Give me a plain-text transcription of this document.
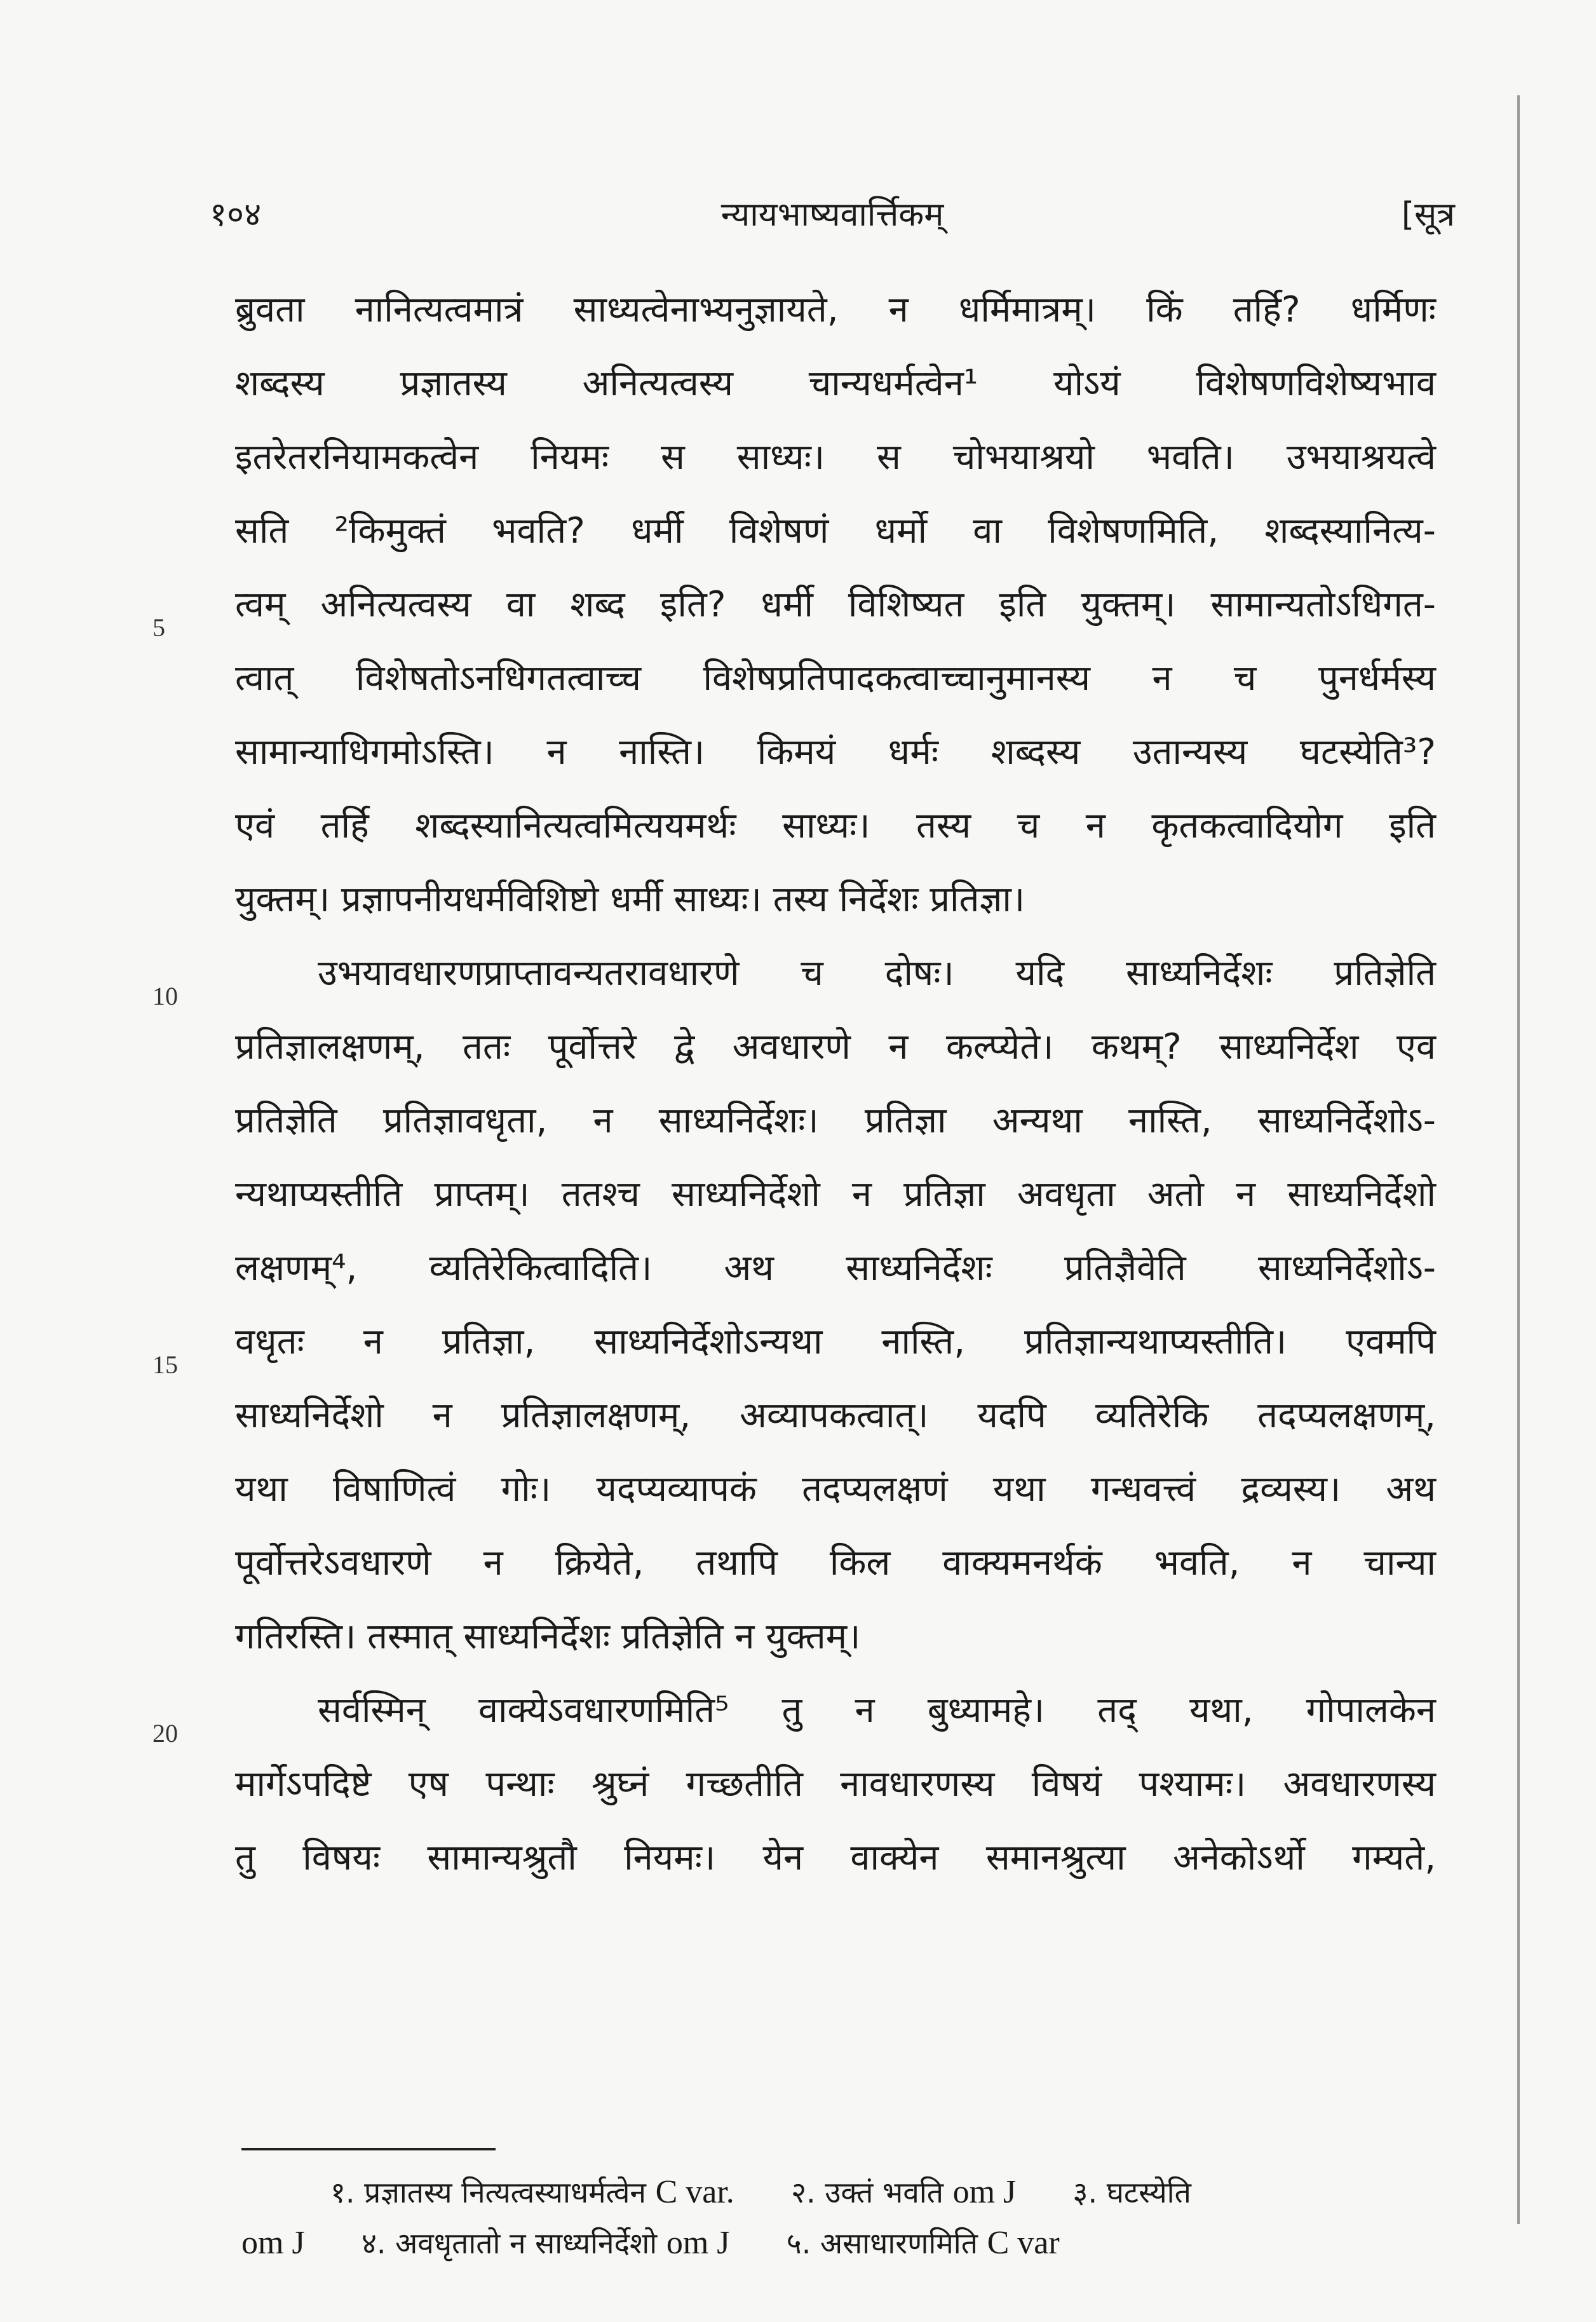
१०४	न्यायभाष्यवार्त्तिकम्	[सूत्र
5
10
15
20
ब्रुवता नानित्यत्वमात्रं साध्यत्वेनाभ्यनुज्ञायते, न धर्मिमात्रम्। किं तर्हि? धर्मिणः
शब्दस्य प्रज्ञातस्य अनित्यत्वस्य चान्यधर्मत्वेन¹ योऽयं विशेषणविशेष्यभाव
इतरेतरनियामकत्वेन नियमः स साध्यः। स चोभयाश्रयो भवति। उभयाश्रयत्वे
सति ²किमुक्तं भवति? धर्मी विशेषणं धर्मो वा विशेषणमिति, शब्दस्यानित्य-
त्वम् अनित्यत्वस्य वा शब्द इति? धर्मी विशिष्यत इति युक्तम्। सामान्यतोऽधिगत-
त्वात् विशेषतोऽनधिगतत्वाच्च विशेषप्रतिपादकत्वाच्चानुमानस्य न च पुनर्धर्मस्य
सामान्याधिगमोऽस्ति। न नास्ति। किमयं धर्मः शब्दस्य उतान्यस्य घटस्येति³?
एवं तर्हि शब्दस्यानित्यत्वमित्ययमर्थः साध्यः। तस्य च न कृतकत्वादियोग इति
युक्तम्। प्रज्ञापनीयधर्मविशिष्टो धर्मी साध्यः। तस्य निर्देशः प्रतिज्ञा।
उभयावधारणप्राप्तावन्यतरावधारणे च दोषः। यदि साध्यनिर्देशः प्रतिज्ञेति
प्रतिज्ञालक्षणम्, ततः पूर्वोत्तरे द्वे अवधारणे न कल्प्येते। कथम्? साध्यनिर्देश एव
प्रतिज्ञेति प्रतिज्ञावधृता, न साध्यनिर्देशः। प्रतिज्ञा अन्यथा नास्ति, साध्यनिर्देशोऽ-
न्यथाप्यस्तीति प्राप्तम्। ततश्च साध्यनिर्देशो न प्रतिज्ञा अवधृता अतो न साध्यनिर्देशो
लक्षणम्⁴, व्यतिरेकित्वादिति। अथ साध्यनिर्देशः प्रतिज्ञैवेति साध्यनिर्देशोऽ-
वधृतः न प्रतिज्ञा, साध्यनिर्देशोऽन्यथा नास्ति, प्रतिज्ञान्यथाप्यस्तीति। एवमपि
साध्यनिर्देशो न प्रतिज्ञालक्षणम्, अव्यापकत्वात्। यदपि व्यतिरेकि तदप्यलक्षणम्,
यथा विषाणित्वं गोः। यदप्यव्यापकं तदप्यलक्षणं यथा गन्धवत्त्वं द्रव्यस्य। अथ
पूर्वोत्तरेऽवधारणे न क्रियेते, तथापि किल वाक्यमनर्थकं भवति, न चान्या
गतिरस्ति। तस्मात् साध्यनिर्देशः प्रतिज्ञेति न युक्तम्।
सर्वस्मिन् वाक्येऽवधारणमिति⁵ तु न बुध्यामहे। तद् यथा, गोपालकेन
मार्गेऽपदिष्टे एष पन्थाः श्रुघ्नं गच्छतीति नावधारणस्य विषयं पश्यामः। अवधारणस्य
तु विषयः सामान्यश्रुतौ नियमः। येन वाक्येन समानश्रुत्या अनेकोऽर्थो गम्यते,
१. प्रज्ञातस्य नित्यत्वस्याधर्मत्वेन C var. २. उक्तं भवति om J ३. घटस्येति
om J ४. अवधृतातो न साध्यनिर्देशो om J ५. असाधारणमिति C var
